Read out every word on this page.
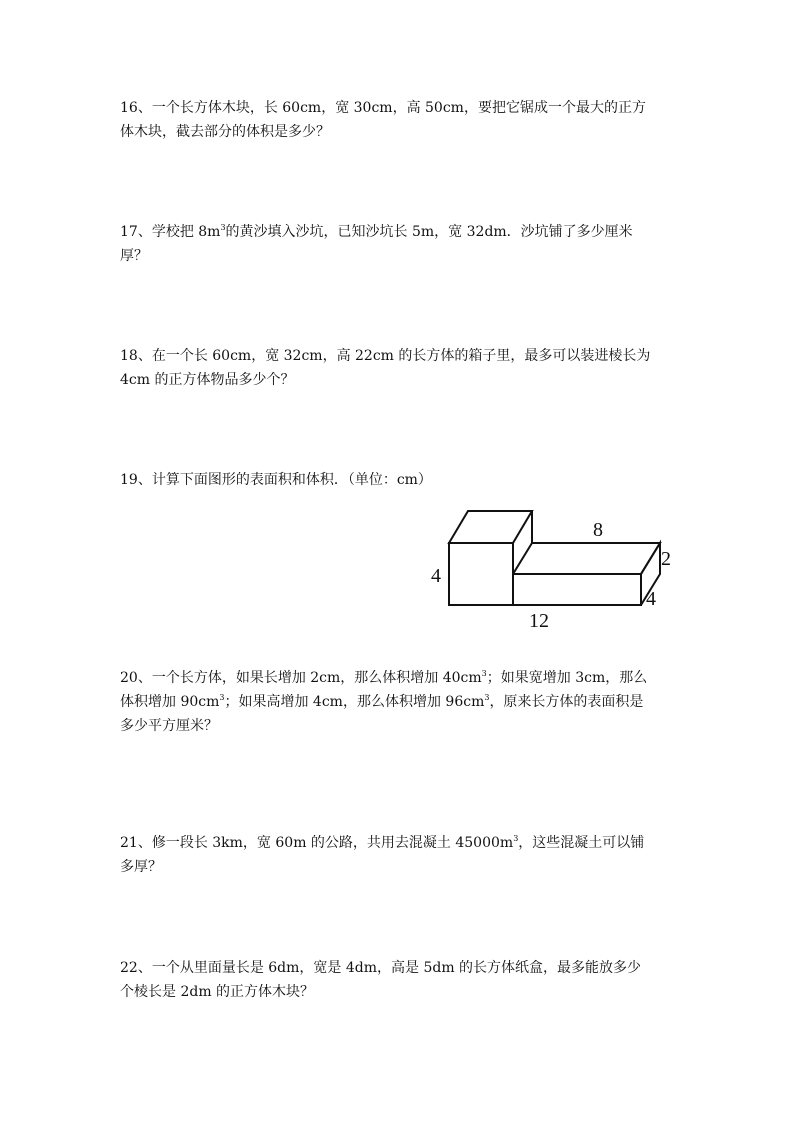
16、一个长方体木块，长 60cm，宽 30cm，高 50cm，要把它锯成一个最大的正方
体木块，截去部分的体积是多少？
17、学校把 $8m^3$的黄沙填入沙坑，已知沙坑长 5m，宽 32dm．沙坑铺了多少厘米
厚？
18、在一个长 60cm，宽 32cm，高 22cm 的长方体的箱子里，最多可以装进棱长为
4cm 的正方体物品多少个？
19、计算下面图形的表面积和体积．（单位：cm）
8
2
4
4
12
20、一个长方体，如果长增加 2cm，那么体积增加 $40cm^3$；如果宽增加 3cm，那么
体积增加 $90cm^3$；如果高增加 4cm，那么体积增加 $96cm^3$，原来长方体的表面积是
多少平方厘米？
21、修一段长 3km，宽 60m 的公路，共用去混凝土 $45000m^3$，这些混凝土可以铺
多厚？
22、一个从里面量长是 6dm，宽是 4dm，高是 5dm 的长方体纸盒，最多能放多少
个棱长是 2dm 的正方体木块？
